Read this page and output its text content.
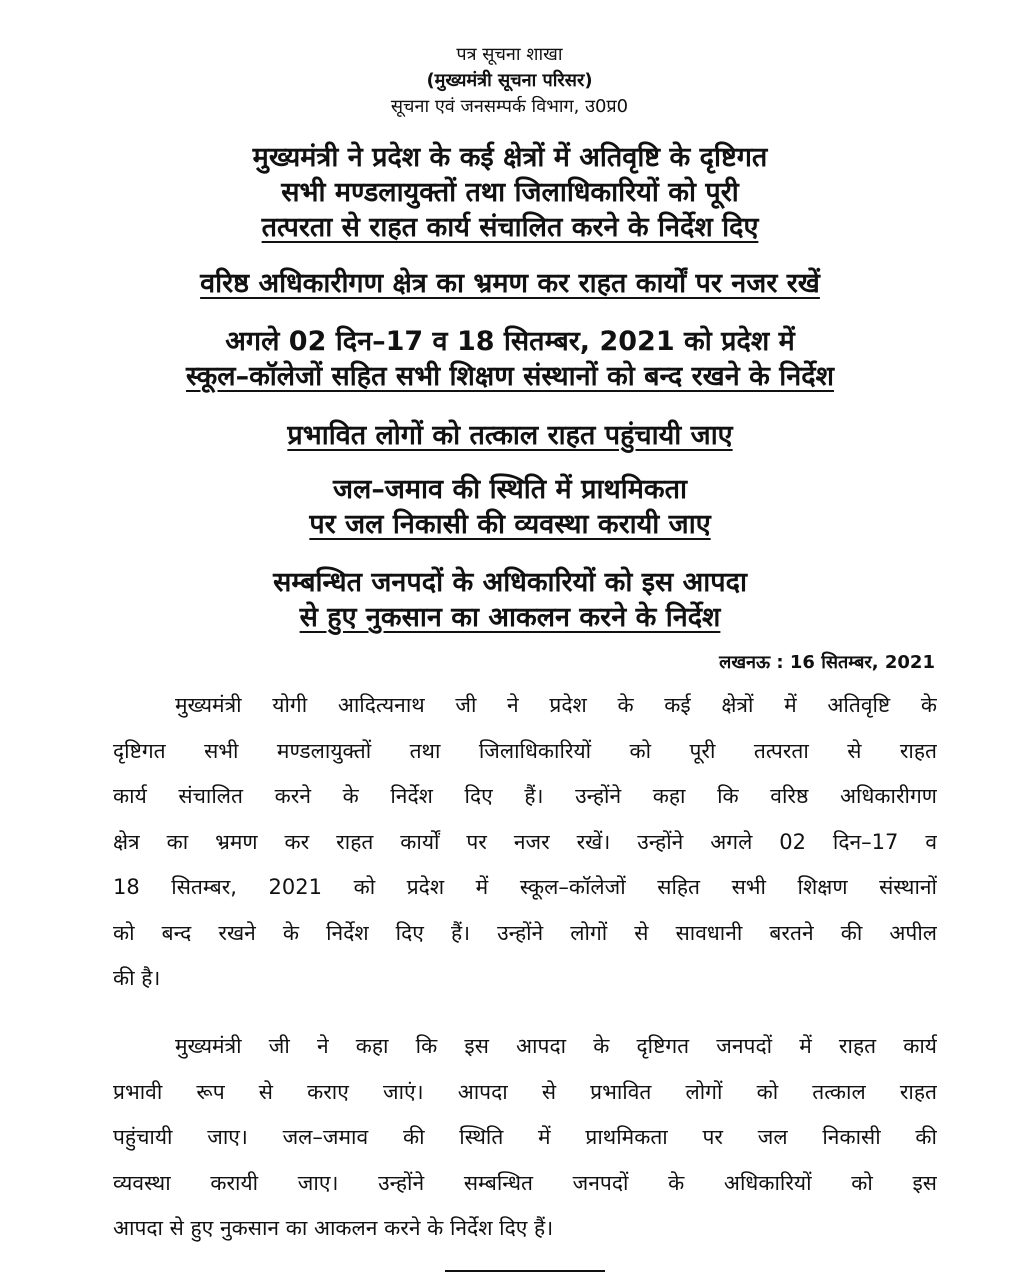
पत्र सूचना शाखा
(मुख्यमंत्री सूचना परिसर)
सूचना एवं जनसम्पर्क विभाग, उ0प्र0
मुख्यमंत्री ने प्रदेश के कई क्षेत्रों में अतिवृष्टि के दृष्टिगत
सभी मण्डलायुक्तों तथा जिलाधिकारियों को पूरी
तत्परता से राहत कार्य संचालित करने के निर्देश दिए
वरिष्ठ अधिकारीगण क्षेत्र का भ्रमण कर राहत कार्यों पर नजर रखें
अगले 02 दिन–17 व 18 सितम्बर, 2021 को प्रदेश में
स्कूल–कॉलेजों सहित सभी शिक्षण संस्थानों को बन्द रखने के निर्देश
प्रभावित लोगों को तत्काल राहत पहुंचायी जाए
जल–जमाव की स्थिति में प्राथमिकता
पर जल निकासी की व्यवस्था करायी जाए
सम्बन्धित जनपदों के अधिकारियों को इस आपदा
से हुए नुकसान का आकलन करने के निर्देश
लखनऊ : 16 सितम्बर, 2021
मुख्यमंत्री योगी आदित्यनाथ जी ने प्रदेश के कई क्षेत्रों में अतिवृष्टि के
दृष्टिगत सभी मण्डलायुक्तों तथा जिलाधिकारियों को पूरी तत्परता से राहत
कार्य संचालित करने के निर्देश दिए हैं। उन्होंने कहा कि वरिष्ठ अधिकारीगण
क्षेत्र का भ्रमण कर राहत कार्यों पर नजर रखें। उन्होंने अगले 02 दिन–17 व
18 सितम्बर, 2021 को प्रदेश में स्कूल–कॉलेजों सहित सभी शिक्षण संस्थानों
को बन्द रखने के निर्देश दिए हैं। उन्होंने लोगों से सावधानी बरतने की अपील
की है।
मुख्यमंत्री जी ने कहा कि इस आपदा के दृष्टिगत जनपदों में राहत कार्य
प्रभावी रूप से कराए जाएं। आपदा से प्रभावित लोगों को तत्काल राहत
पहुंचायी जाए। जल–जमाव की स्थिति में प्राथमिकता पर जल निकासी की
व्यवस्था करायी जाए। उन्होंने सम्बन्धित जनपदों के अधिकारियों को इस
आपदा से हुए नुकसान का आकलन करने के निर्देश दिए हैं।
